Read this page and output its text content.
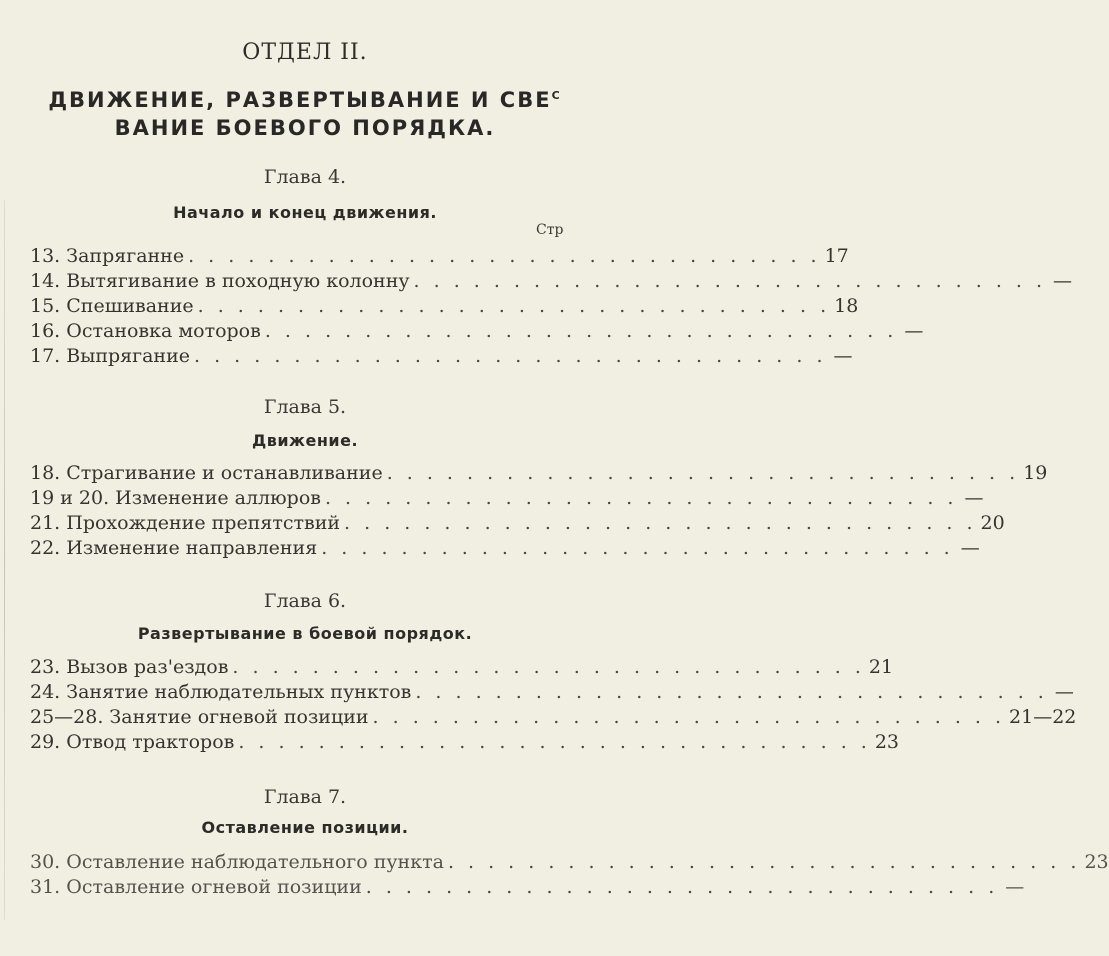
ОТДЕЛ II.
ДВИЖЕНИЕ, РАЗВЕРТЫВАНИЕ И $СВЕ^С$
ВАНИЕ БОЕВОГО ПОРЯДКА.
Глава 4.
Начало и конец движения.
Стр
13. Запряганне . . . . . . . . . . . . . . . . . . . . . . . . . . . . . . . . 17
14. Вытягивание в походную колонну . . . . . . . . . . . . . . . . . . . . . . . . . . . . . . . . —
15. Спешивание . . . . . . . . . . . . . . . . . . . . . . . . . . . . . . . . 18
16. Остановка моторов . . . . . . . . . . . . . . . . . . . . . . . . . . . . . . . . —
17. Выпрягание . . . . . . . . . . . . . . . . . . . . . . . . . . . . . . . . —
Глава 5.
Движение.
18. Страгивание и останавливание . . . . . . . . . . . . . . . . . . . . . . . . . . . . . . . . 19
19 и 20. Изменение аллюров . . . . . . . . . . . . . . . . . . . . . . . . . . . . . . . . —
21. Прохождение препятствий . . . . . . . . . . . . . . . . . . . . . . . . . . . . . . . . 20
22. Изменение направления . . . . . . . . . . . . . . . . . . . . . . . . . . . . . . . . —
Глава 6.
Развертывание в боевой порядок.
23. Вызов раз'ездов . . . . . . . . . . . . . . . . . . . . . . . . . . . . . . . . 21
24. Занятие наблюдательных пунктов . . . . . . . . . . . . . . . . . . . . . . . . . . . . . . . . —
25—28. Занятие огневой позиции . . . . . . . . . . . . . . . . . . . . . . . . . . . . . . . . 21—22
29. Отвод тракторов . . . . . . . . . . . . . . . . . . . . . . . . . . . . . . . . 23
Глава 7.
Оставление позиции.
30. Оставление наблюдательного пункта . . . . . . . . . . . . . . . . . . . . . . . . . . . . . . . . 23
31. Оставление огневой позиции . . . . . . . . . . . . . . . . . . . . . . . . . . . . . . . . —
